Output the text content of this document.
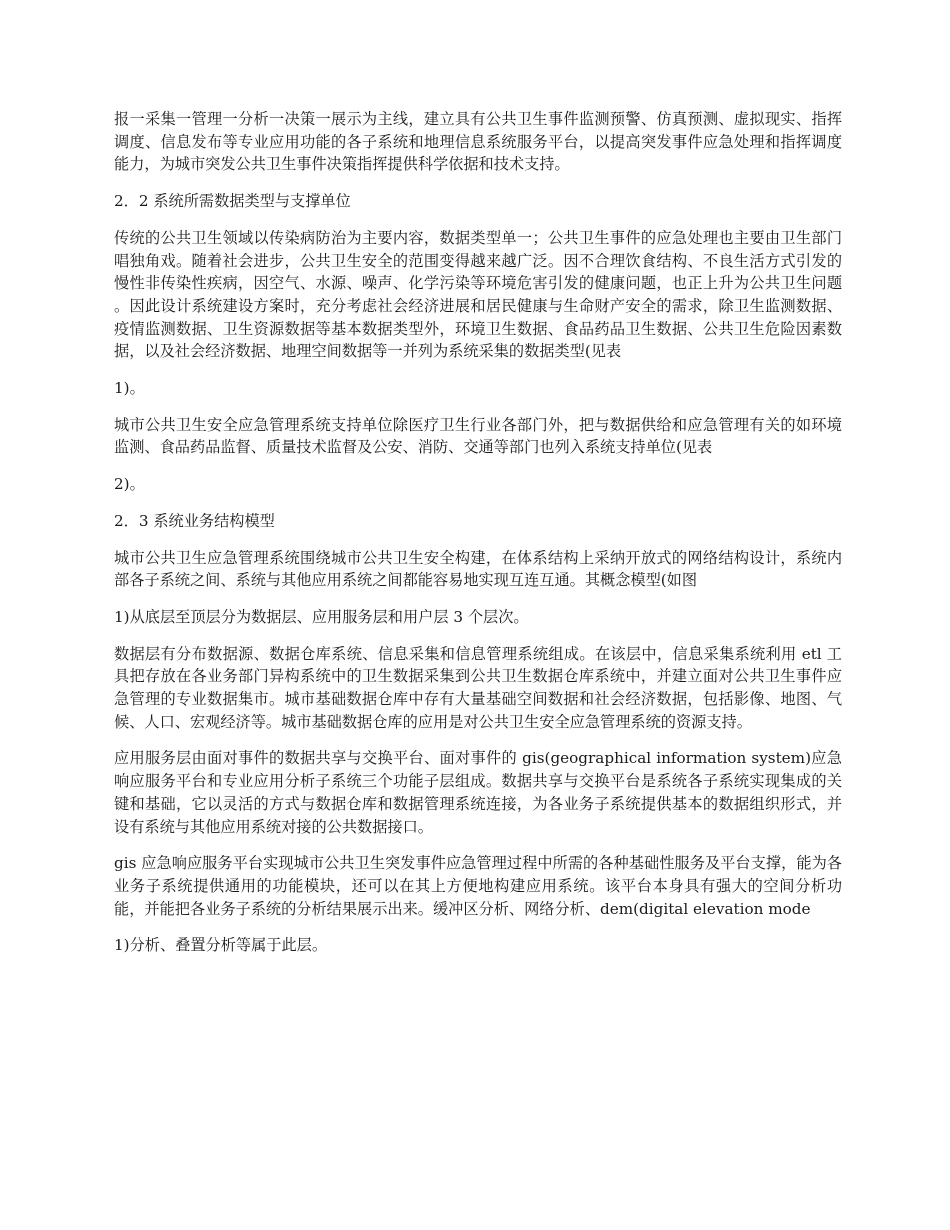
报一采集一管理一分析一决策一展示为主线，建立具有公共卫生事件监测预警、仿真预测、虚拟现实、指挥调度、信息发布等专业应用功能的各子系统和地理信息系统服务平台，以提高突发事件应急处理和指挥调度能力，为城市突发公共卫生事件决策指挥提供科学依据和技术支持。

2．2 系统所需数据类型与支撑单位

传统的公共卫生领域以传染病防治为主要内容，数据类型单一；公共卫生事件的应急处理也主要由卫生部门唱独角戏。随着社会进步，公共卫生安全的范围变得越来越广泛。因不合理饮食结构、不良生活方式引发的慢性非传染性疾病，因空气、水源、噪声、化学污染等环境危害引发的健康问题，也正上升为公共卫生问题 。因此设计系统建设方案时，充分考虑社会经济进展和居民健康与生命财产安全的需求，除卫生监测数据、疫情监测数据、卫生资源数据等基本数据类型外，环境卫生数据、食品药品卫生数据、公共卫生危险因素数据，以及社会经济数据、地理空间数据等一并列为系统采集的数据类型(见表

1)。

城市公共卫生安全应急管理系统支持单位除医疗卫生行业各部门外，把与数据供给和应急管理有关的如环境监测、食品药品监督、质量技术监督及公安、消防、交通等部门也列入系统支持单位(见表

2)。

2．3 系统业务结构模型

城市公共卫生应急管理系统围绕城市公共卫生安全构建，在体系结构上采纳开放式的网络结构设计，系统内部各子系统之间、系统与其他应用系统之间都能容易地实现互连互通。其概念模型(如图

1)从底层至顶层分为数据层、应用服务层和用户层 3 个层次。

数据层有分布数据源、数据仓库系统、信息采集和信息管理系统组成。在该层中，信息采集系统利用 etl 工具把存放在各业务部门异构系统中的卫生数据采集到公共卫生数据仓库系统中，并建立面对公共卫生事件应急管理的专业数据集市。城市基础数据仓库中存有大量基础空间数据和社会经济数据，包括影像、地图、气候、人口、宏观经济等。城市基础数据仓库的应用是对公共卫生安全应急管理系统的资源支持。

应用服务层由面对事件的数据共享与交换平台、面对事件的 gis(geographical information system)应急响应服务平台和专业应用分析子系统三个功能子层组成。数据共享与交换平台是系统各子系统实现集成的关键和基础，它以灵活的方式与数据仓库和数据管理系统连接，为各业务子系统提供基本的数据组织形式，并设有系统与其他应用系统对接的公共数据接口。

gis 应急响应服务平台实现城市公共卫生突发事件应急管理过程中所需的各种基础性服务及平台支撑，能为各业务子系统提供通用的功能模块，还可以在其上方便地构建应用系统。该平台本身具有强大的空间分析功能，并能把各业务子系统的分析结果展示出来。缓冲区分析、网络分析、dem(digital elevation mode

1)分析、叠置分析等属于此层。
